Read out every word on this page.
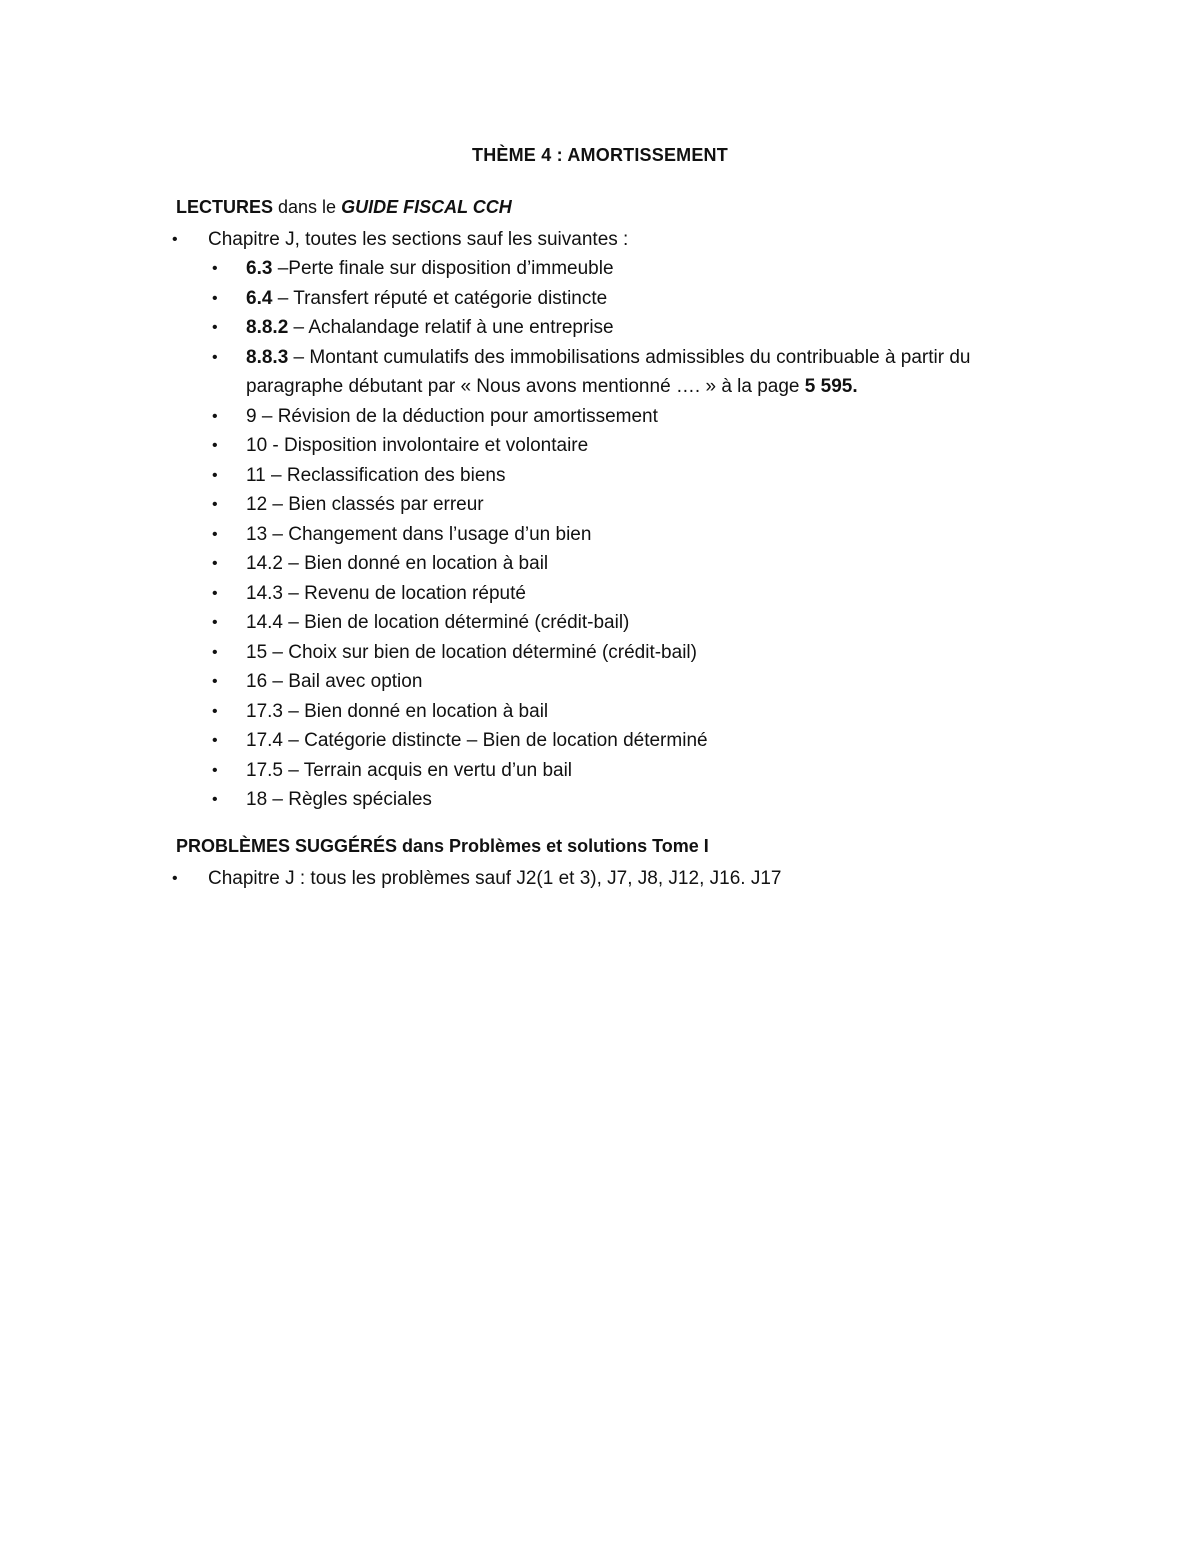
THÈME 4 : AMORTISSEMENT
LECTURES dans le GUIDE FISCAL CCH
•	Chapitre J, toutes les sections sauf les suivantes :
•	6.3 –Perte finale sur disposition d’immeuble
•	6.4 – Transfert réputé et catégorie distincte
•	8.8.2 – Achalandage relatif à une entreprise
•	8.8.3 – Montant cumulatifs des immobilisations admissibles du contribuable à partir du paragraphe débutant par « Nous avons mentionné …. » à la page 5 595.
•	9 – Révision de la déduction pour amortissement
•	10 - Disposition involontaire et volontaire
•	11 – Reclassification des biens
•	12 – Bien classés par erreur
•	13 – Changement dans l’usage d’un bien
•	14.2 – Bien donné en location à bail
•	14.3 – Revenu de location réputé
•	14.4 – Bien de location déterminé (crédit-bail)
•	15 – Choix sur bien de location déterminé (crédit-bail)
•	16 – Bail avec option
•	17.3 – Bien donné en location à bail
•	17.4 – Catégorie distincte – Bien de location déterminé
•	17.5 – Terrain acquis en vertu d’un bail
•	18 – Règles spéciales
PROBLÈMES SUGGÉRÉS dans Problèmes et solutions Tome I
•	Chapitre J : tous les problèmes sauf J2(1 et 3), J7, J8, J12, J16. J17
